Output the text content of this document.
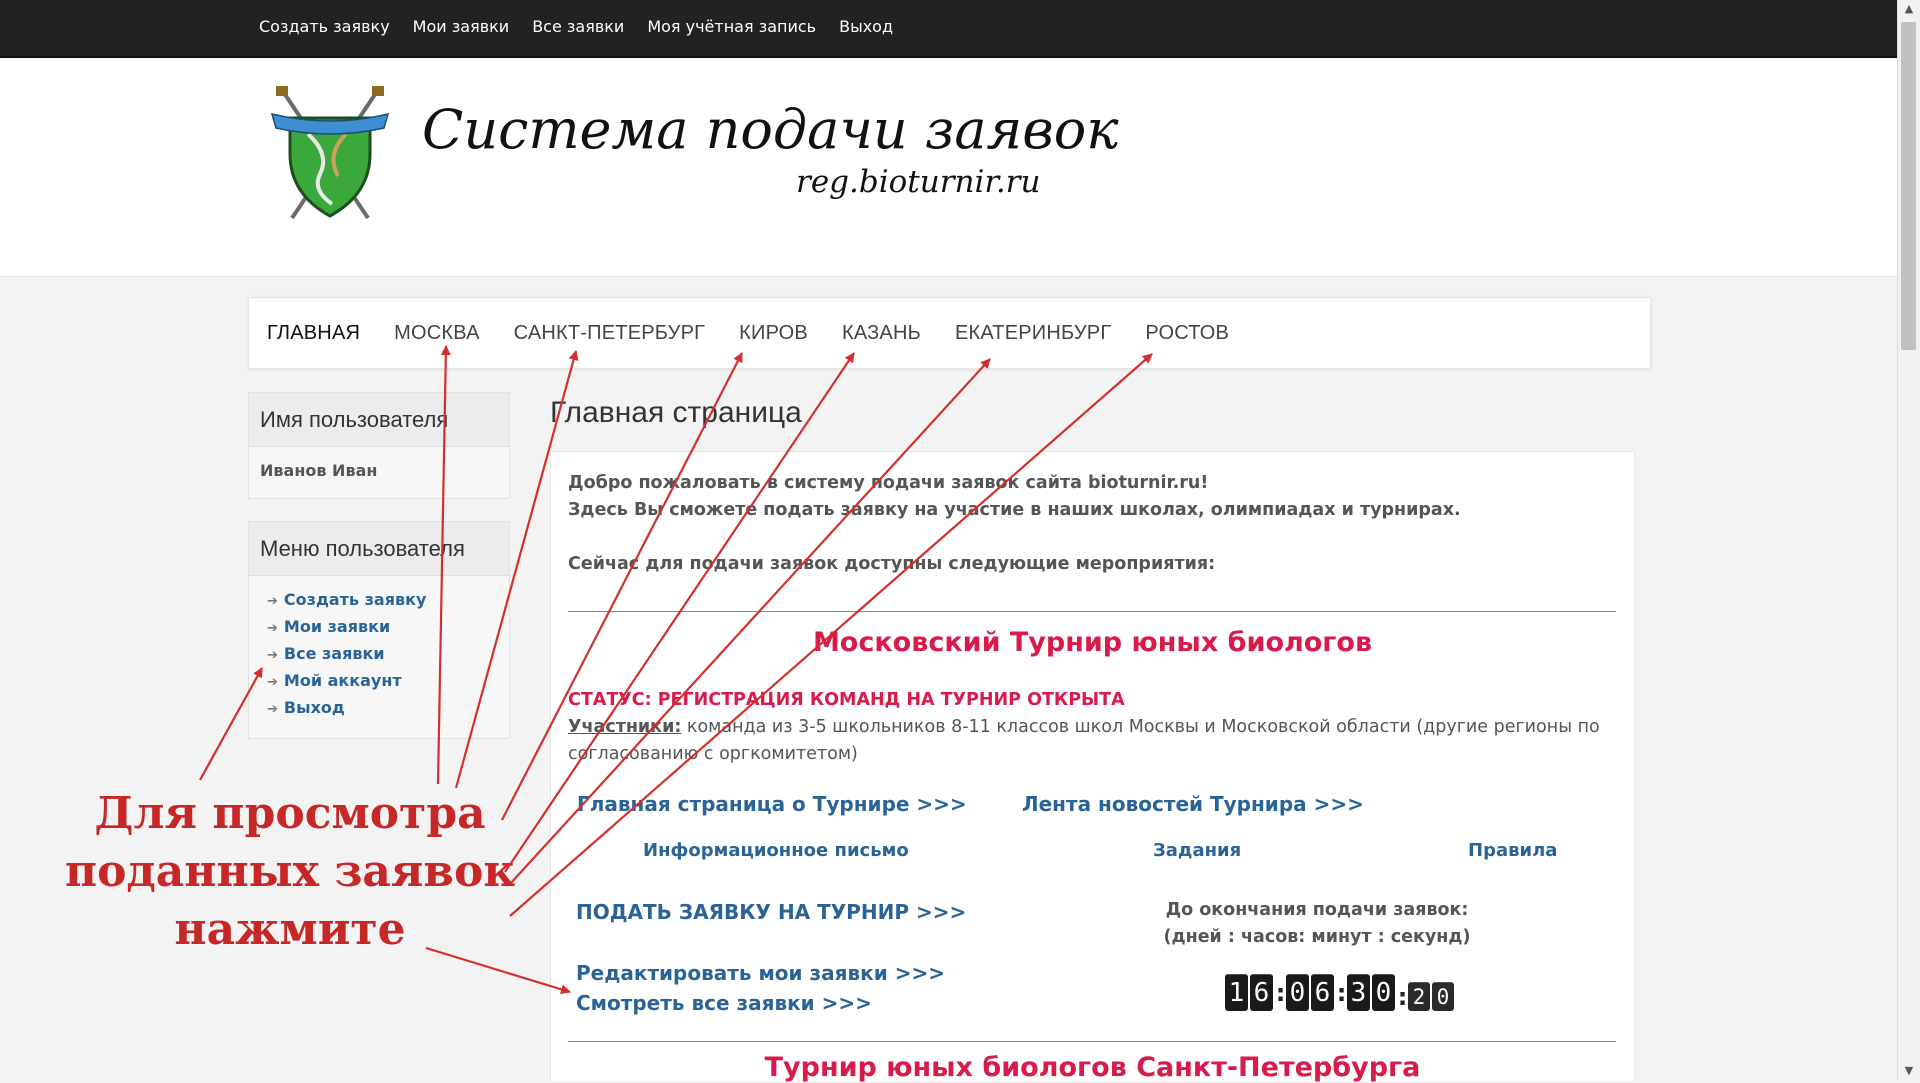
Создать заявку Мои заявки Все заявки Моя учётная запись Выход
Система подачи заявок
reg.bioturnir.ru
ГЛАВНАЯ МОСКВА САНКТ-ПЕТЕРБУРГ КИРОВ КАЗАНЬ ЕКАТЕРИНБУРГ РОСТОВ
Имя пользователя
Иванов Иван
Меню пользователя
➔ Создать заявку
➔ Мои заявки
➔ Все заявки
➔ Мой аккаунт
➔ Выход
Главная страница
Добро пожаловать в систему подачи заявок сайта bioturnir.ru!
Здесь Вы сможете подать заявку на участие в наших школах, олимпиадах и турнирах.
Сейчас для подачи заявок доступны следующие мероприятия:
Московский Турнир юных биологов
СТАТУС: РЕГИСТРАЦИЯ КОМАНД НА ТУРНИР ОТКРЫТА
Участники: команда из 3-5 школьников 8-11 классов школ Москвы и Московской области (другие регионы по согласованию с оргкомитетом)
Главная страница о Турнире >>>	Лента новостей Турнира >>>
Информационное письмо	Задания	Правила
ПОДАТЬ ЗАЯВКУ НА ТУРНИР >>>
Редактировать мои заявки >>>
Смотреть все заявки >>>
До окончания подачи заявок:
(дней : часов: минут : секунд)
1 6 : 0 6 : 3 0 : 2 0
Турнир юных биологов Санкт-Петербурга
Для просмотра
поданных заявок
нажмите
▲
▼
